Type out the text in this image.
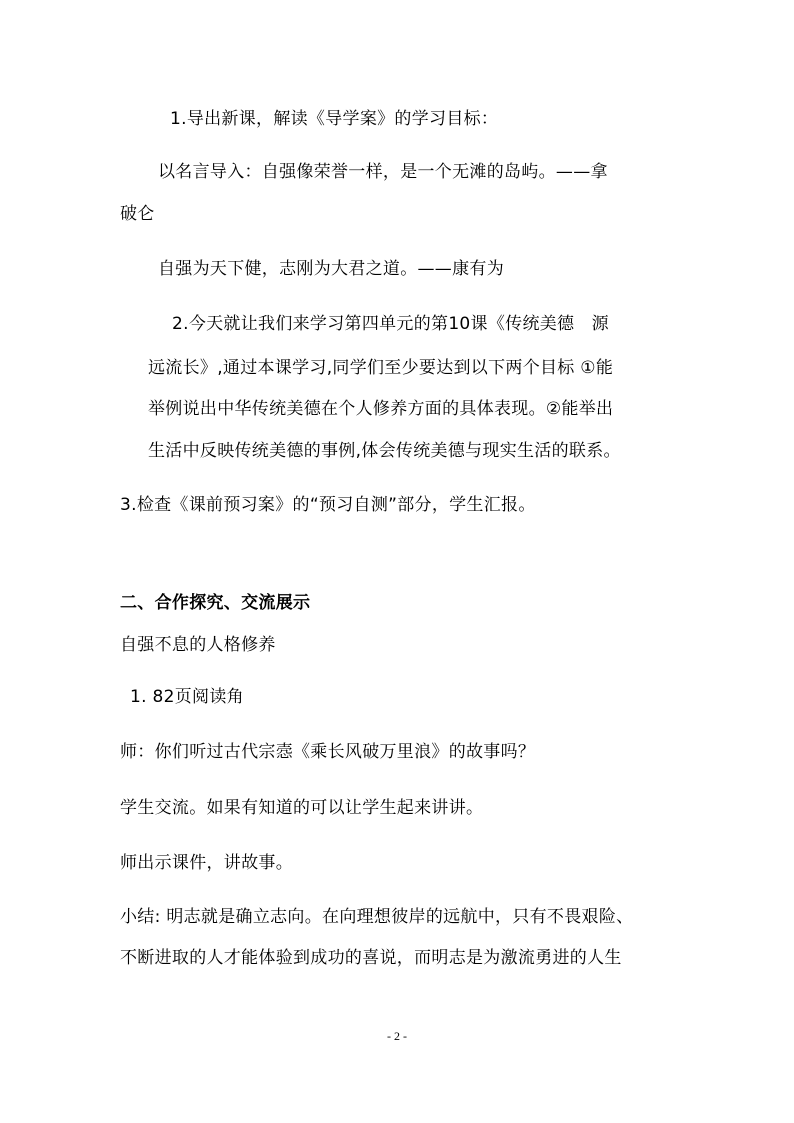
1.导出新课，解读《导学案》的学习目标：

以名言导入：自强像荣誉一样，是一个无滩的岛屿。——拿

破仑

自强为天下健，志刚为大君之道。——康有为

2.今天就让我们来学习第四单元的第10课《传统美德　源

远流长》,通过本课学习,同学们至少要达到以下两个目标 ①能

举例说出中华传统美德在个人修养方面的具体表现。②能举出

生活中反映传统美德的事例,体会传统美德与现实生活的联系。

3.检查《课前预习案》的“预习自测”部分，学生汇报。

二、合作探究、交流展示

自强不息的人格修养

1. 82页阅读角

师：你们听过古代宗悫《乘长风破万里浪》的故事吗？

学生交流。如果有知道的可以让学生起来讲讲。

师出示课件，讲故事。

小结: 明志就是确立志向。在向理想彼岸的远航中，只有不畏艰险、

不断进取的人才能体验到成功的喜说，而明志是为激流勇进的人生

- 2 -
